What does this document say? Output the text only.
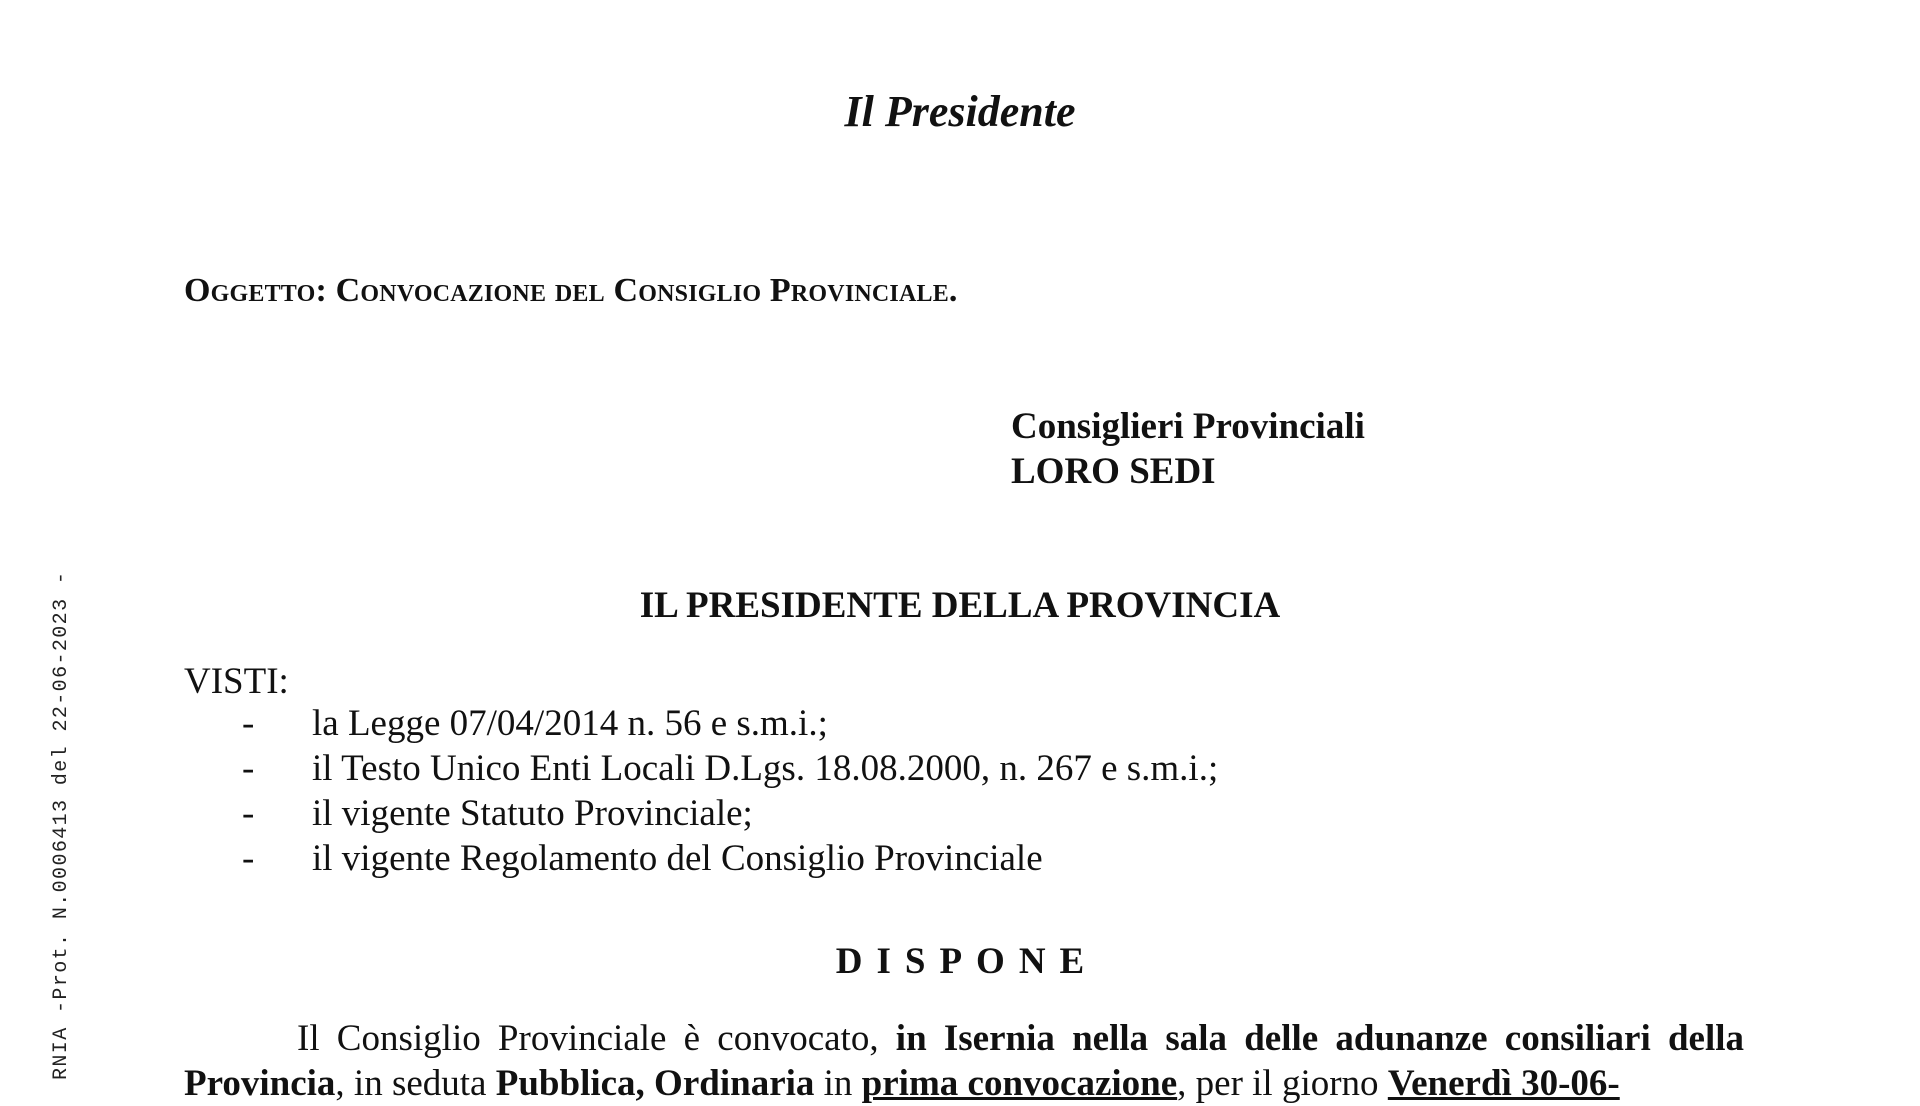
RNIA -Prot. N.0006413 del 22-06-2023 -
Il Presidente
Oggetto: Convocazione del Consiglio Provinciale.
Consiglieri Provinciali
LORO SEDI
IL PRESIDENTE DELLA PROVINCIA
VISTI:
- la Legge 07/04/2014 n. 56 e s.m.i.;
- il Testo Unico Enti Locali D.Lgs. 18.08.2000, n. 267 e s.m.i.;
- il vigente Statuto Provinciale;
- il vigente Regolamento del Consiglio Provinciale
DISPONE
Il Consiglio Provinciale è convocato, in Isernia nella sala delle adunanze consiliari della Provincia, in seduta Pubblica, Ordinaria in prima convocazione, per il giorno Venerdì 30-06-
